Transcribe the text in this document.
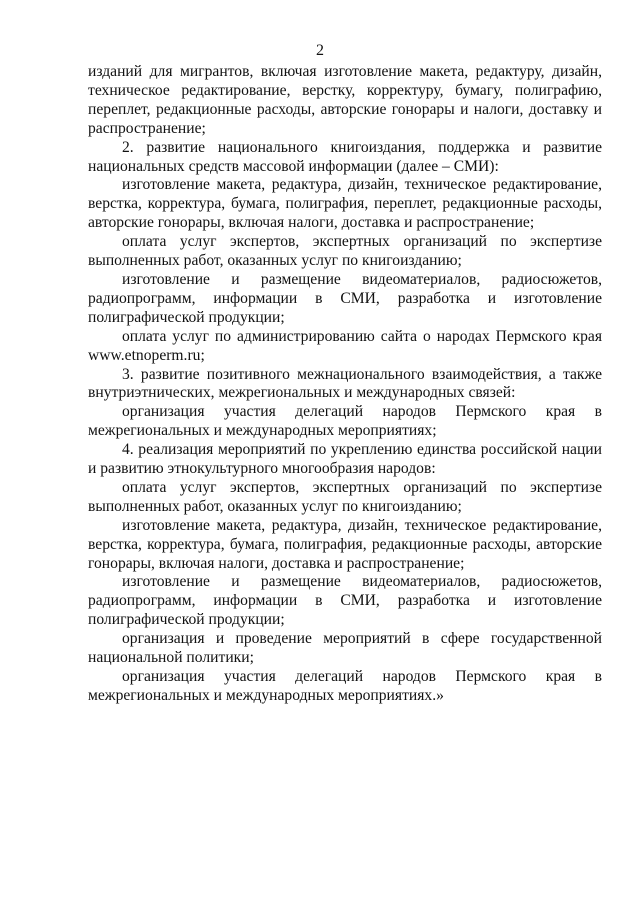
2

изданий для мигрантов, включая изготовление макета, редактуру, дизайн, техническое редактирование, верстку, корректуру, бумагу, полиграфию, переплет, редакционные расходы, авторские гонорары и налоги, доставку и распространение;

2. развитие национального книгоиздания, поддержка и развитие национальных средств массовой информации (далее – СМИ):

изготовление макета, редактура, дизайн, техническое редактирование, верстка, корректура, бумага, полиграфия, переплет, редакционные расходы, авторские гонорары, включая налоги, доставка и распространение;

оплата услуг экспертов, экспертных организаций по экспертизе выполненных работ, оказанных услуг по книгоизданию;

изготовление и размещение видеоматериалов, радиосюжетов, радиопрограмм, информации в СМИ, разработка и изготовление полиграфической продукции;

оплата услуг по администрированию сайта о народах Пермского края www.etnoperm.ru;

3. развитие позитивного межнационального взаимодействия, а также внутриэтнических, межрегиональных и международных связей:

организация участия делегаций народов Пермского края в межрегиональных и международных мероприятиях;

4. реализация мероприятий по укреплению единства российской нации и развитию этнокультурного многообразия народов:

оплата услуг экспертов, экспертных организаций по экспертизе выполненных работ, оказанных услуг по книгоизданию;

изготовление макета, редактура, дизайн, техническое редактирование, верстка, корректура, бумага, полиграфия, редакционные расходы, авторские гонорары, включая налоги, доставка и распространение;

изготовление и размещение видеоматериалов, радиосюжетов, радиопрограмм, информации в СМИ, разработка и изготовление полиграфической продукции;

организация и проведение мероприятий в сфере государственной национальной политики;

организация участия делегаций народов Пермского края в межрегиональных и международных мероприятиях.»
